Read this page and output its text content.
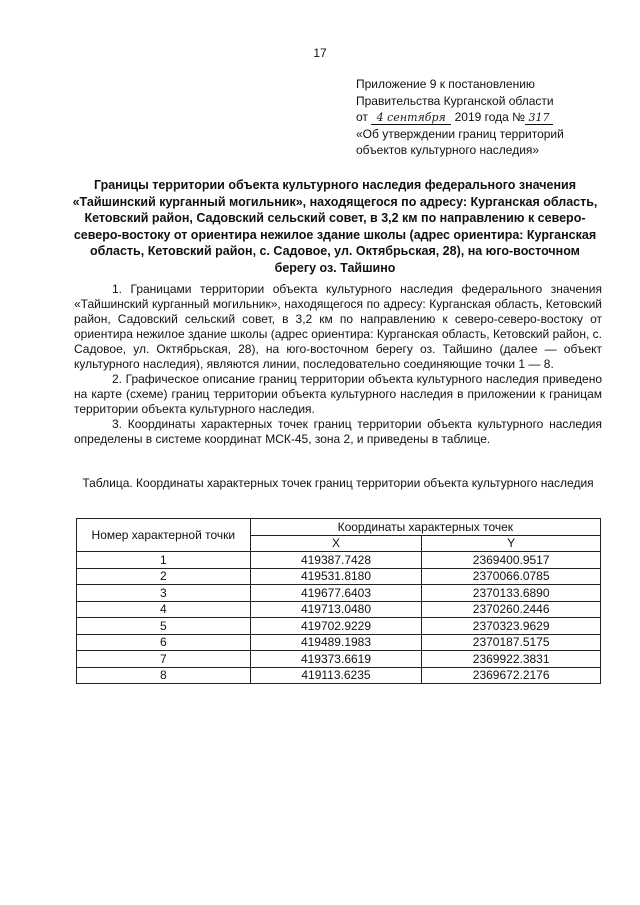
17
Приложение 9 к постановлению
Правительства Курганской области
от 4 сентября 2019 года № 317
«Об утверждении границ территорий
объектов культурного наследия»
Границы территории объекта культурного наследия федерального значения «Тайшинский курганный могильник», находящегося по адресу: Курганская область, Кетовский район, Садовский сельский совет, в 3,2 км по направлению к северо-северо-востоку от ориентира нежилое здание школы (адрес ориентира: Курганская область, Кетовский район, с. Садовое, ул. Октябрьская, 28), на юго-восточном берегу оз. Тайшино

1. Границами территории объекта культурного наследия федерального значения «Тайшинский курганный могильник», находящегося по адресу: Курганская область, Кетовский район, Садовский сельский совет, в 3,2 км по направлению к северо-северо-востоку от ориентира нежилое здание школы (адрес ориентира: Курганская область, Кетовский район, с. Садовое, ул. Октябрьская, 28), на юго-восточном берегу оз. Тайшино (далее — объект культурного наследия), являются линии, последовательно соединяющие точки 1 — 8.

2. Графическое описание границ территории объекта культурного наследия приведено на карте (схеме) границ территории объекта культурного наследия в приложении к границам территории объекта культурного наследия.

3. Координаты характерных точек границ территории объекта культурного наследия определены в системе координат МСК-45, зона 2, и приведены в таблице.

Таблица. Координаты характерных точек границ территории объекта культурного наследия
Номер характерной точки	Координаты характерных точек	
	X	Y
1	419387.7428	2369400.9517
2	419531.8180	2370066.0785
3	419677.6403	2370133.6890
4	419713.0480	2370260.2446
5	419702.9229	2370323.9629
6	419489.1983	2370187.5175
7	419373.6619	2369922.3831
8	419113.6235	2369672.2176
